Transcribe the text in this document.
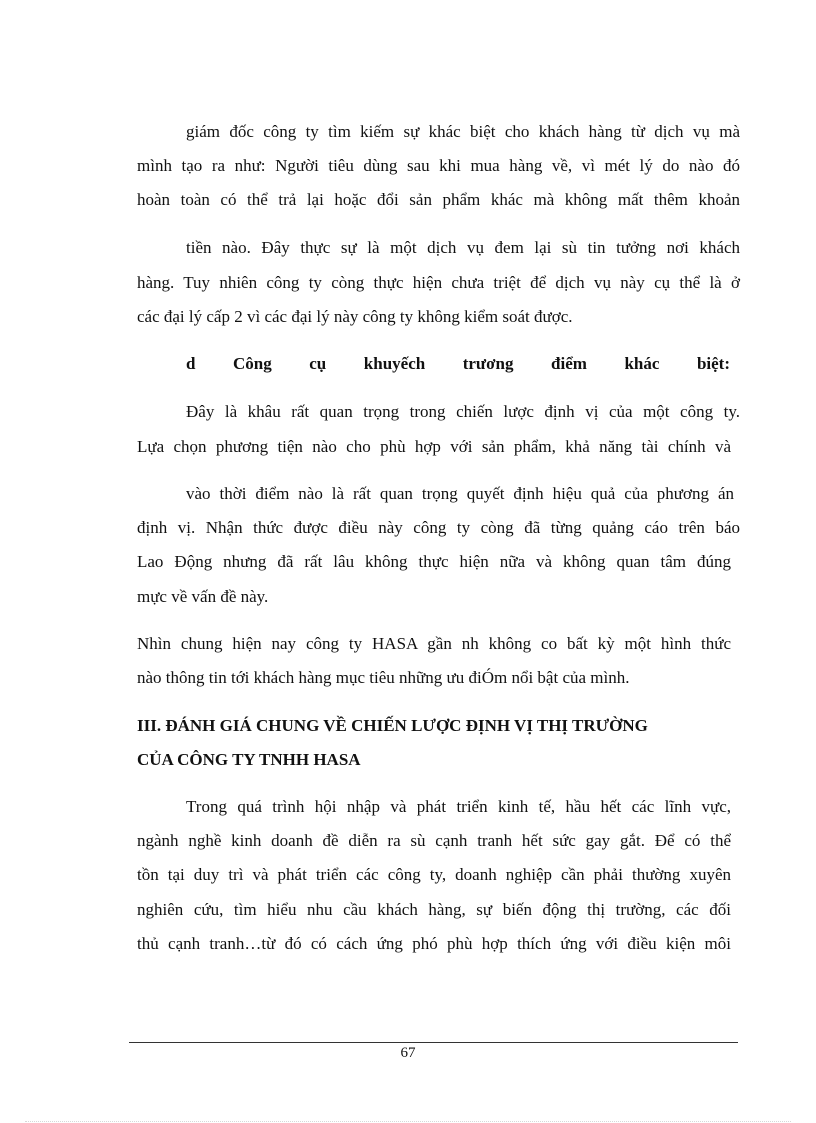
giám đốc công ty tìm kiếm sự khác biệt cho khách hàng từ dịch vụ mà
mình tạo ra như: Người tiêu dùng sau khi mua hàng về, vì mét lý do nào đó
hoàn toàn có thể trả lại hoặc đổi sản phẩm khác mà không mất thêm khoản
tiền nào. Đây thực sự là một dịch vụ đem lại sù tin tưởng nơi khách
hàng. Tuy nhiên công ty còng thực hiện chưa triệt để dịch vụ này cụ thể là ở
các đại lý cấp 2 vì các đại lý này công ty không kiểm soát được.
d Công cụ khuyếch trương điểm khác biệt:
Đây là khâu rất quan trọng trong chiến lược định vị của một công ty.
Lựa chọn phương tiện nào cho phù hợp với sản phẩm, khả năng tài chính và
vào thời điểm nào là rất quan trọng quyết định hiệu quả của phương án
định vị. Nhận thức được điều này công ty còng đã từng quảng cáo trên báo
Lao Động nhưng đã rất lâu không thực hiện nữa và không quan tâm đúng
mực về vấn đề này.
Nhìn chung hiện nay công ty HASA gần nh không co bất kỳ một hình thức
nào thông tin tới khách hàng mục tiêu những ưu điÓm nổi bật của mình.
III. ĐÁNH GIÁ CHUNG VỀ CHIẾN LƯỢC ĐỊNH VỊ THỊ TRƯỜNG
CỦA CÔNG TY TNHH HASA
Trong quá trình hội nhập và phát triển kinh tế, hầu hết các lĩnh vực,
ngành nghề kinh doanh đề diễn ra sù cạnh tranh hết sức gay gắt. Để có thể
tồn tại duy trì và phát triển các công ty, doanh nghiệp cần phải thường xuyên
nghiên cứu, tìm hiểu nhu cầu khách hàng, sự biến động thị trường, các đối
thủ cạnh tranh…từ đó có cách ứng phó phù hợp thích ứng với điều kiện môi
67
